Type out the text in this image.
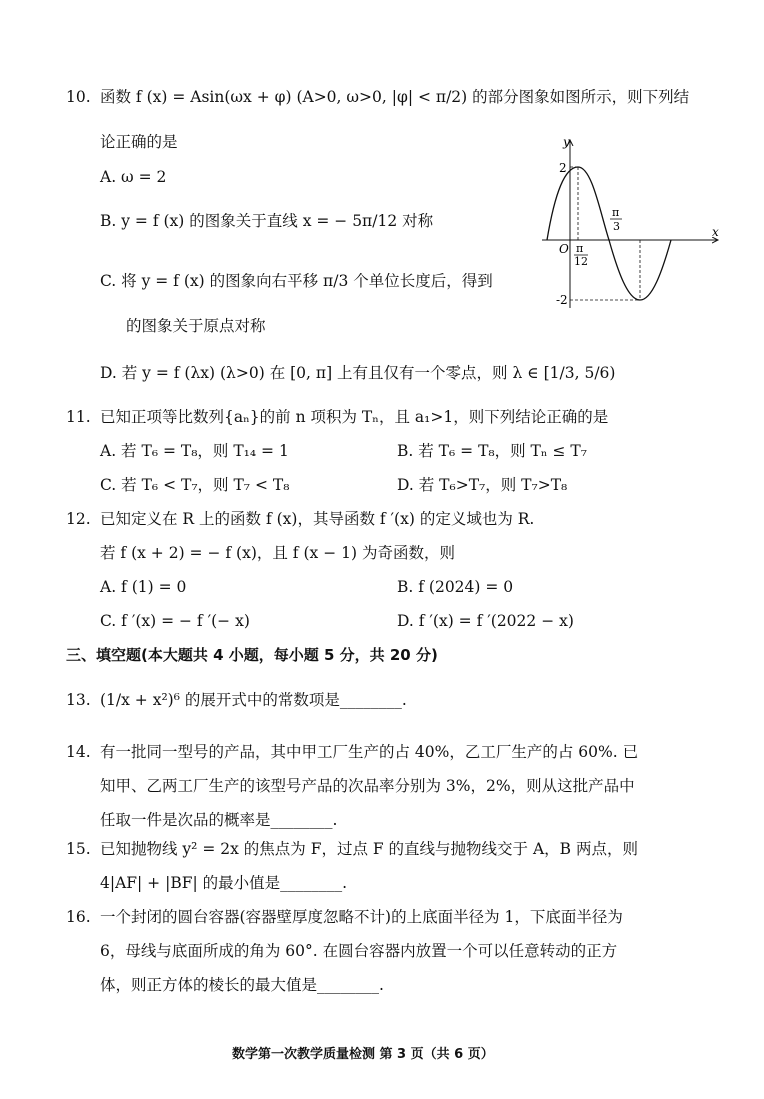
10. 函数 f (x) = Asin(ωx + φ) (A>0, ω>0, |φ| < π/2) 的部分图象如图所示，则下列结
论正确的是
A. ω = 2
B. y = f (x) 的图象关于直线 x = − 5π/12 对称
C. 将 y = f (x) 的图象向右平移 π/3 个单位长度后，得到
的图象关于原点对称
D. 若 y = f (λx) (λ>0) 在 [0, π] 上有且仅有一个零点，则 λ ∈ [1/3, 5/6)
y
x
O
2
-2
π
12
π
3
11. 已知正项等比数列{aₙ}的前 n 项积为 Tₙ，且 a₁>1，则下列结论正确的是
A. 若 T₆ = T₈，则 T₁₄ = 1	B. 若 T₆ = T₈，则 Tₙ ≤ T₇
C. 若 T₆ < T₇，则 T₇ < T₈	D. 若 T₆>T₇，则 T₇>T₈
12. 已知定义在 R 上的函数 f (x)，其导函数 f ′(x) 的定义域也为 R.
若 f (x + 2) = − f (x)，且 f (x − 1) 为奇函数，则
A. f (1) = 0	B. f (2024) = 0
C. f ′(x) = − f ′(− x)	D. f ′(x) = f ′(2022 − x)
三、填空题(本大题共 4 小题，每小题 5 分，共 20 分)
13. (1/x + x²)⁶ 的展开式中的常数项是________.
14. 有一批同一型号的产品，其中甲工厂生产的占 40%，乙工厂生产的占 60%. 已
知甲、乙两工厂生产的该型号产品的次品率分别为 3%，2%，则从这批产品中
任取一件是次品的概率是________.
15. 已知抛物线 y² = 2x 的焦点为 F，过点 F 的直线与抛物线交于 A，B 两点，则
4|AF| + |BF| 的最小值是________.
16. 一个封闭的圆台容器(容器壁厚度忽略不计)的上底面半径为 1，下底面半径为
6，母线与底面所成的角为 60°. 在圆台容器内放置一个可以任意转动的正方
体，则正方体的棱长的最大值是________.
数学第一次教学质量检测 第 3 页（共 6 页）
